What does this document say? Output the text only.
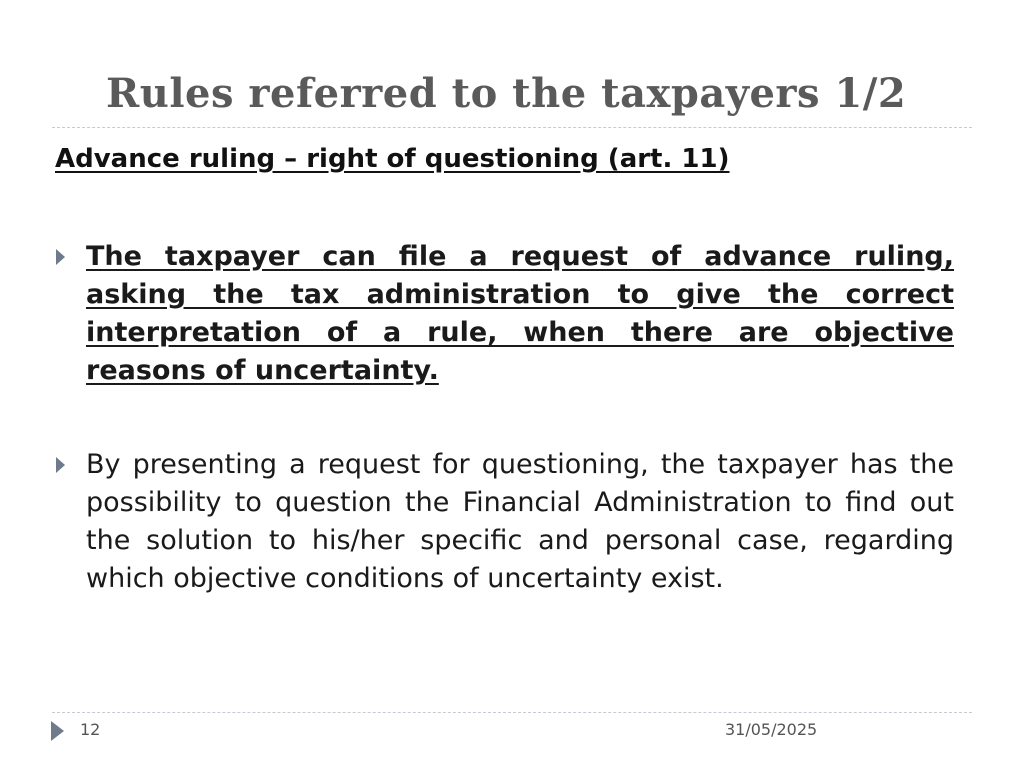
Rules referred to the taxpayers 1/2
Advance ruling – right of questioning (art. 11)
The taxpayer can file a request of advance ruling, asking the tax administration to give the correct interpretation of a rule, when there are objective reasons of uncertainty.
By presenting a request for questioning, the taxpayer has the possibility to question the Financial Administration to find out the solution to his/her specific and personal case, regarding which objective conditions of uncertainty exist.
12	31/05/2025
